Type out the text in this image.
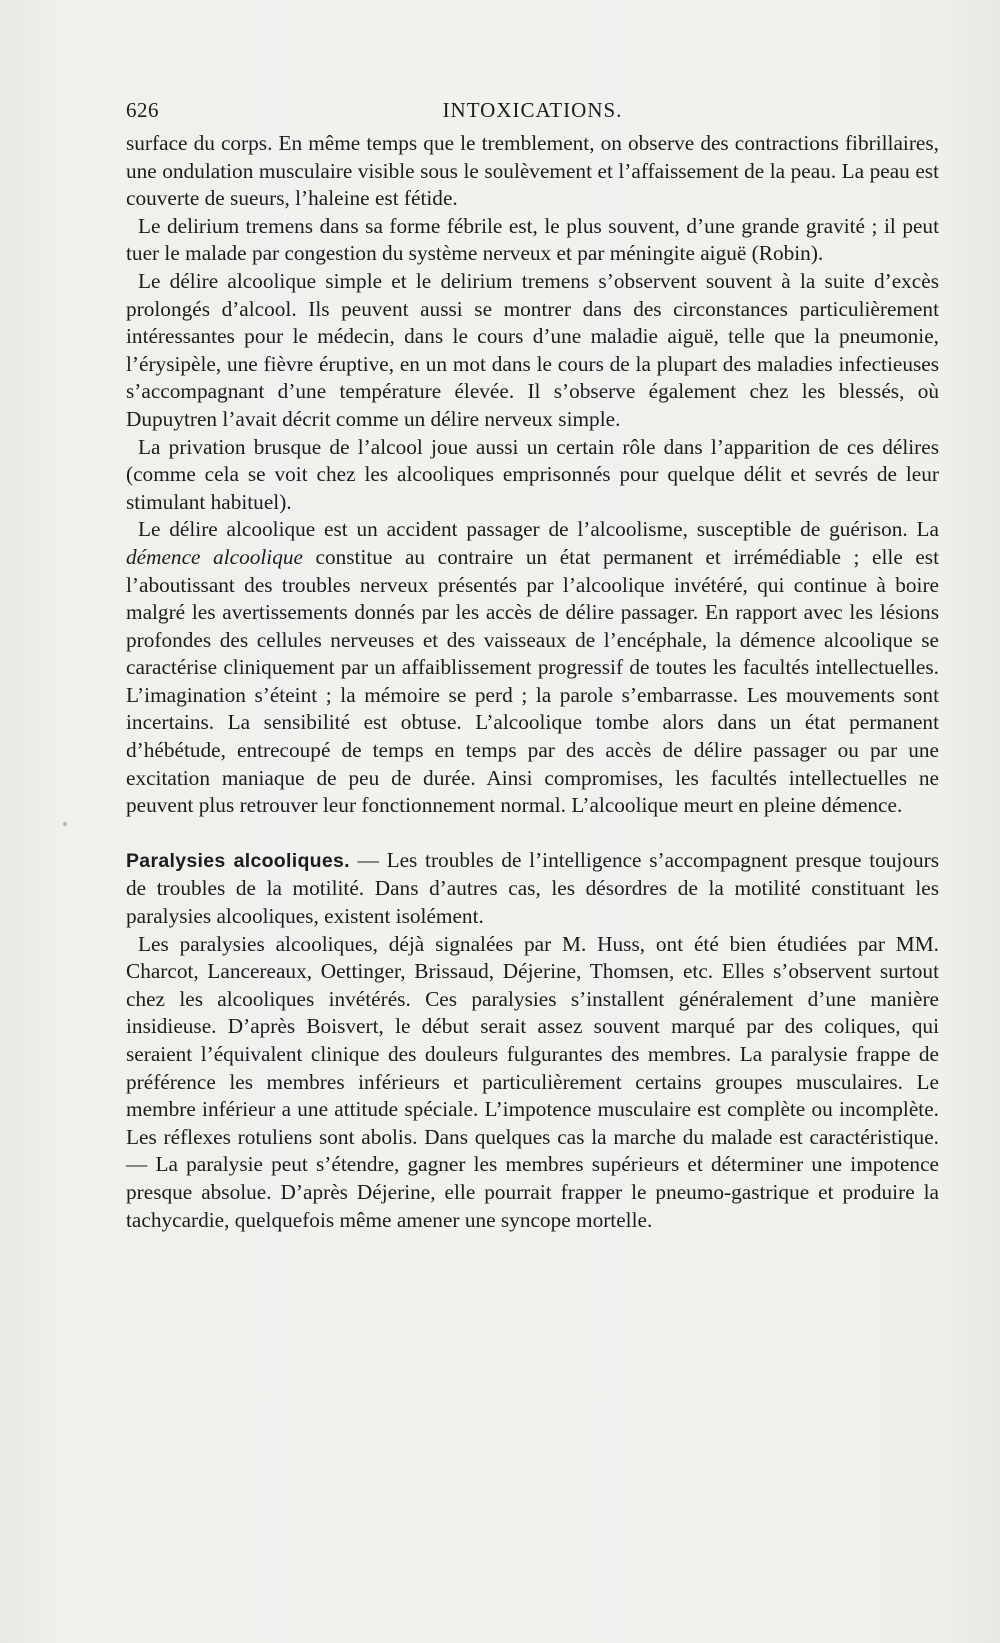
626	INTOXICATIONS.

surface du corps. En même temps que le tremblement, on observe des contractions fibrillaires, une ondulation musculaire visible sous le soulèvement et l’affaissement de la peau. La peau est couverte de sueurs, l’haleine est fétide.

Le delirium tremens dans sa forme fébrile est, le plus souvent, d’une grande gravité ; il peut tuer le malade par congestion du système nerveux et par méningite aiguë (Robin).

Le délire alcoolique simple et le delirium tremens s’observent souvent à la suite d’excès prolongés d’alcool. Ils peuvent aussi se montrer dans des circonstances particulièrement intéressantes pour le médecin, dans le cours d’une maladie aiguë, telle que la pneumonie, l’érysipèle, une fièvre éruptive, en un mot dans le cours de la plupart des maladies infectieuses s’accompagnant d’une température élevée. Il s’observe également chez les blessés, où Dupuytren l’avait décrit comme un délire nerveux simple.

La privation brusque de l’alcool joue aussi un certain rôle dans l’apparition de ces délires (comme cela se voit chez les alcooliques emprisonnés pour quelque délit et sevrés de leur stimulant habituel).

Le délire alcoolique est un accident passager de l’alcoolisme, susceptible de guérison. La démence alcoolique constitue au contraire un état permanent et irrémédiable ; elle est l’aboutissant des troubles nerveux présentés par l’alcoolique invétéré, qui continue à boire malgré les avertissements donnés par les accès de délire passager. En rapport avec les lésions profondes des cellules nerveuses et des vaisseaux de l’encéphale, la démence alcoolique se caractérise cliniquement par un affaiblissement progressif de toutes les facultés intellectuelles. L’imagination s’éteint ; la mémoire se perd ; la parole s’embarrasse. Les mouvements sont incertains. La sensibilité est obtuse. L’alcoolique tombe alors dans un état permanent d’hébétude, entrecoupé de temps en temps par des accès de délire passager ou par une excitation maniaque de peu de durée. Ainsi compromises, les facultés intellectuelles ne peuvent plus retrouver leur fonctionnement normal. L’alcoolique meurt en pleine démence.

Paralysies alcooliques. — Les troubles de l’intelligence s’accompagnent presque toujours de troubles de la motilité. Dans d’autres cas, les désordres de la motilité constituant les paralysies alcooliques, existent isolément.

Les paralysies alcooliques, déjà signalées par M. Huss, ont été bien étudiées par MM. Charcot, Lancereaux, Oettinger, Brissaud, Déjerine, Thomsen, etc. Elles s’observent surtout chez les alcooliques invétérés. Ces paralysies s’installent généralement d’une manière insidieuse. D’après Boisvert, le début serait assez souvent marqué par des coliques, qui seraient l’équivalent clinique des douleurs fulgurantes des membres. La paralysie frappe de préférence les membres inférieurs et particulièrement certains groupes musculaires. Le membre inférieur a une attitude spéciale. L’impotence musculaire est complète ou incomplète. Les réflexes rotuliens sont abolis. Dans quelques cas la marche du malade est caractéristique. — La paralysie peut s’étendre, gagner les membres supérieurs et déterminer une impotence presque absolue. D’après Déjerine, elle pourrait frapper le pneumo-gastrique et produire la tachycardie, quelquefois même amener une syncope mortelle.
